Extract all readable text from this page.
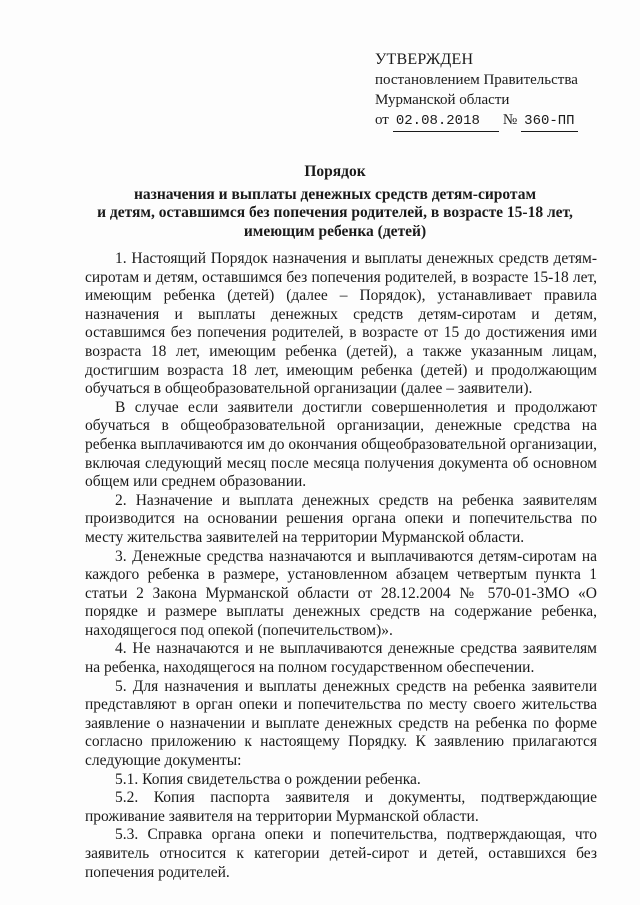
УТВЕРЖДЕН
постановлением Правительства
Мурманской области
от 02.08.2018	№ 360-ПП
Порядок
назначения и выплаты денежных средств детям-сиротам
и детям, оставшимся без попечения родителей, в возрасте 15-18 лет,
имеющим ребенка (детей)

1. Настоящий Порядок назначения и выплаты денежных средств детям-сиротам и детям, оставшимся без попечения родителей, в возрасте 15-18 лет, имеющим ребенка (детей) (далее – Порядок), устанавливает правила назначения и выплаты денежных средств детям-сиротам и детям, оставшимся без попечения родителей, в возрасте от 15 до достижения ими возраста 18 лет, имеющим ребенка (детей), а также указанным лицам, достигшим возраста 18 лет, имеющим ребенка (детей) и продолжающим обучаться в общеобразовательной организации (далее – заявители).

В случае если заявители достигли совершеннолетия и продолжают обучаться в общеобразовательной организации, денежные средства на ребенка выплачиваются им до окончания общеобразовательной организации, включая следующий месяц после месяца получения документа об основном общем или среднем образовании.

2. Назначение и выплата денежных средств на ребенка заявителям производится на основании решения органа опеки и попечительства по месту жительства заявителей на территории Мурманской области.

3. Денежные средства назначаются и выплачиваются детям-сиротам на каждого ребенка в размере, установленном абзацем четвертым пункта 1 статьи 2 Закона Мурманской области от 28.12.2004 № 570-01-ЗМО «О порядке и размере выплаты денежных средств на содержание ребенка, находящегося под опекой (попечительством)».

4. Не назначаются и не выплачиваются денежные средства заявителям на ребенка, находящегося на полном государственном обеспечении.

5. Для назначения и выплаты денежных средств на ребенка заявители представляют в орган опеки и попечительства по месту своего жительства заявление о назначении и выплате денежных средств на ребенка по форме согласно приложению к настоящему Порядку. К заявлению прилагаются следующие документы:

5.1. Копия свидетельства о рождении ребенка.

5.2. Копия паспорта заявителя и документы, подтверждающие проживание заявителя на территории Мурманской области.

5.3. Справка органа опеки и попечительства, подтверждающая, что заявитель относится к категории детей-сирот и детей, оставшихся без попечения родителей.
